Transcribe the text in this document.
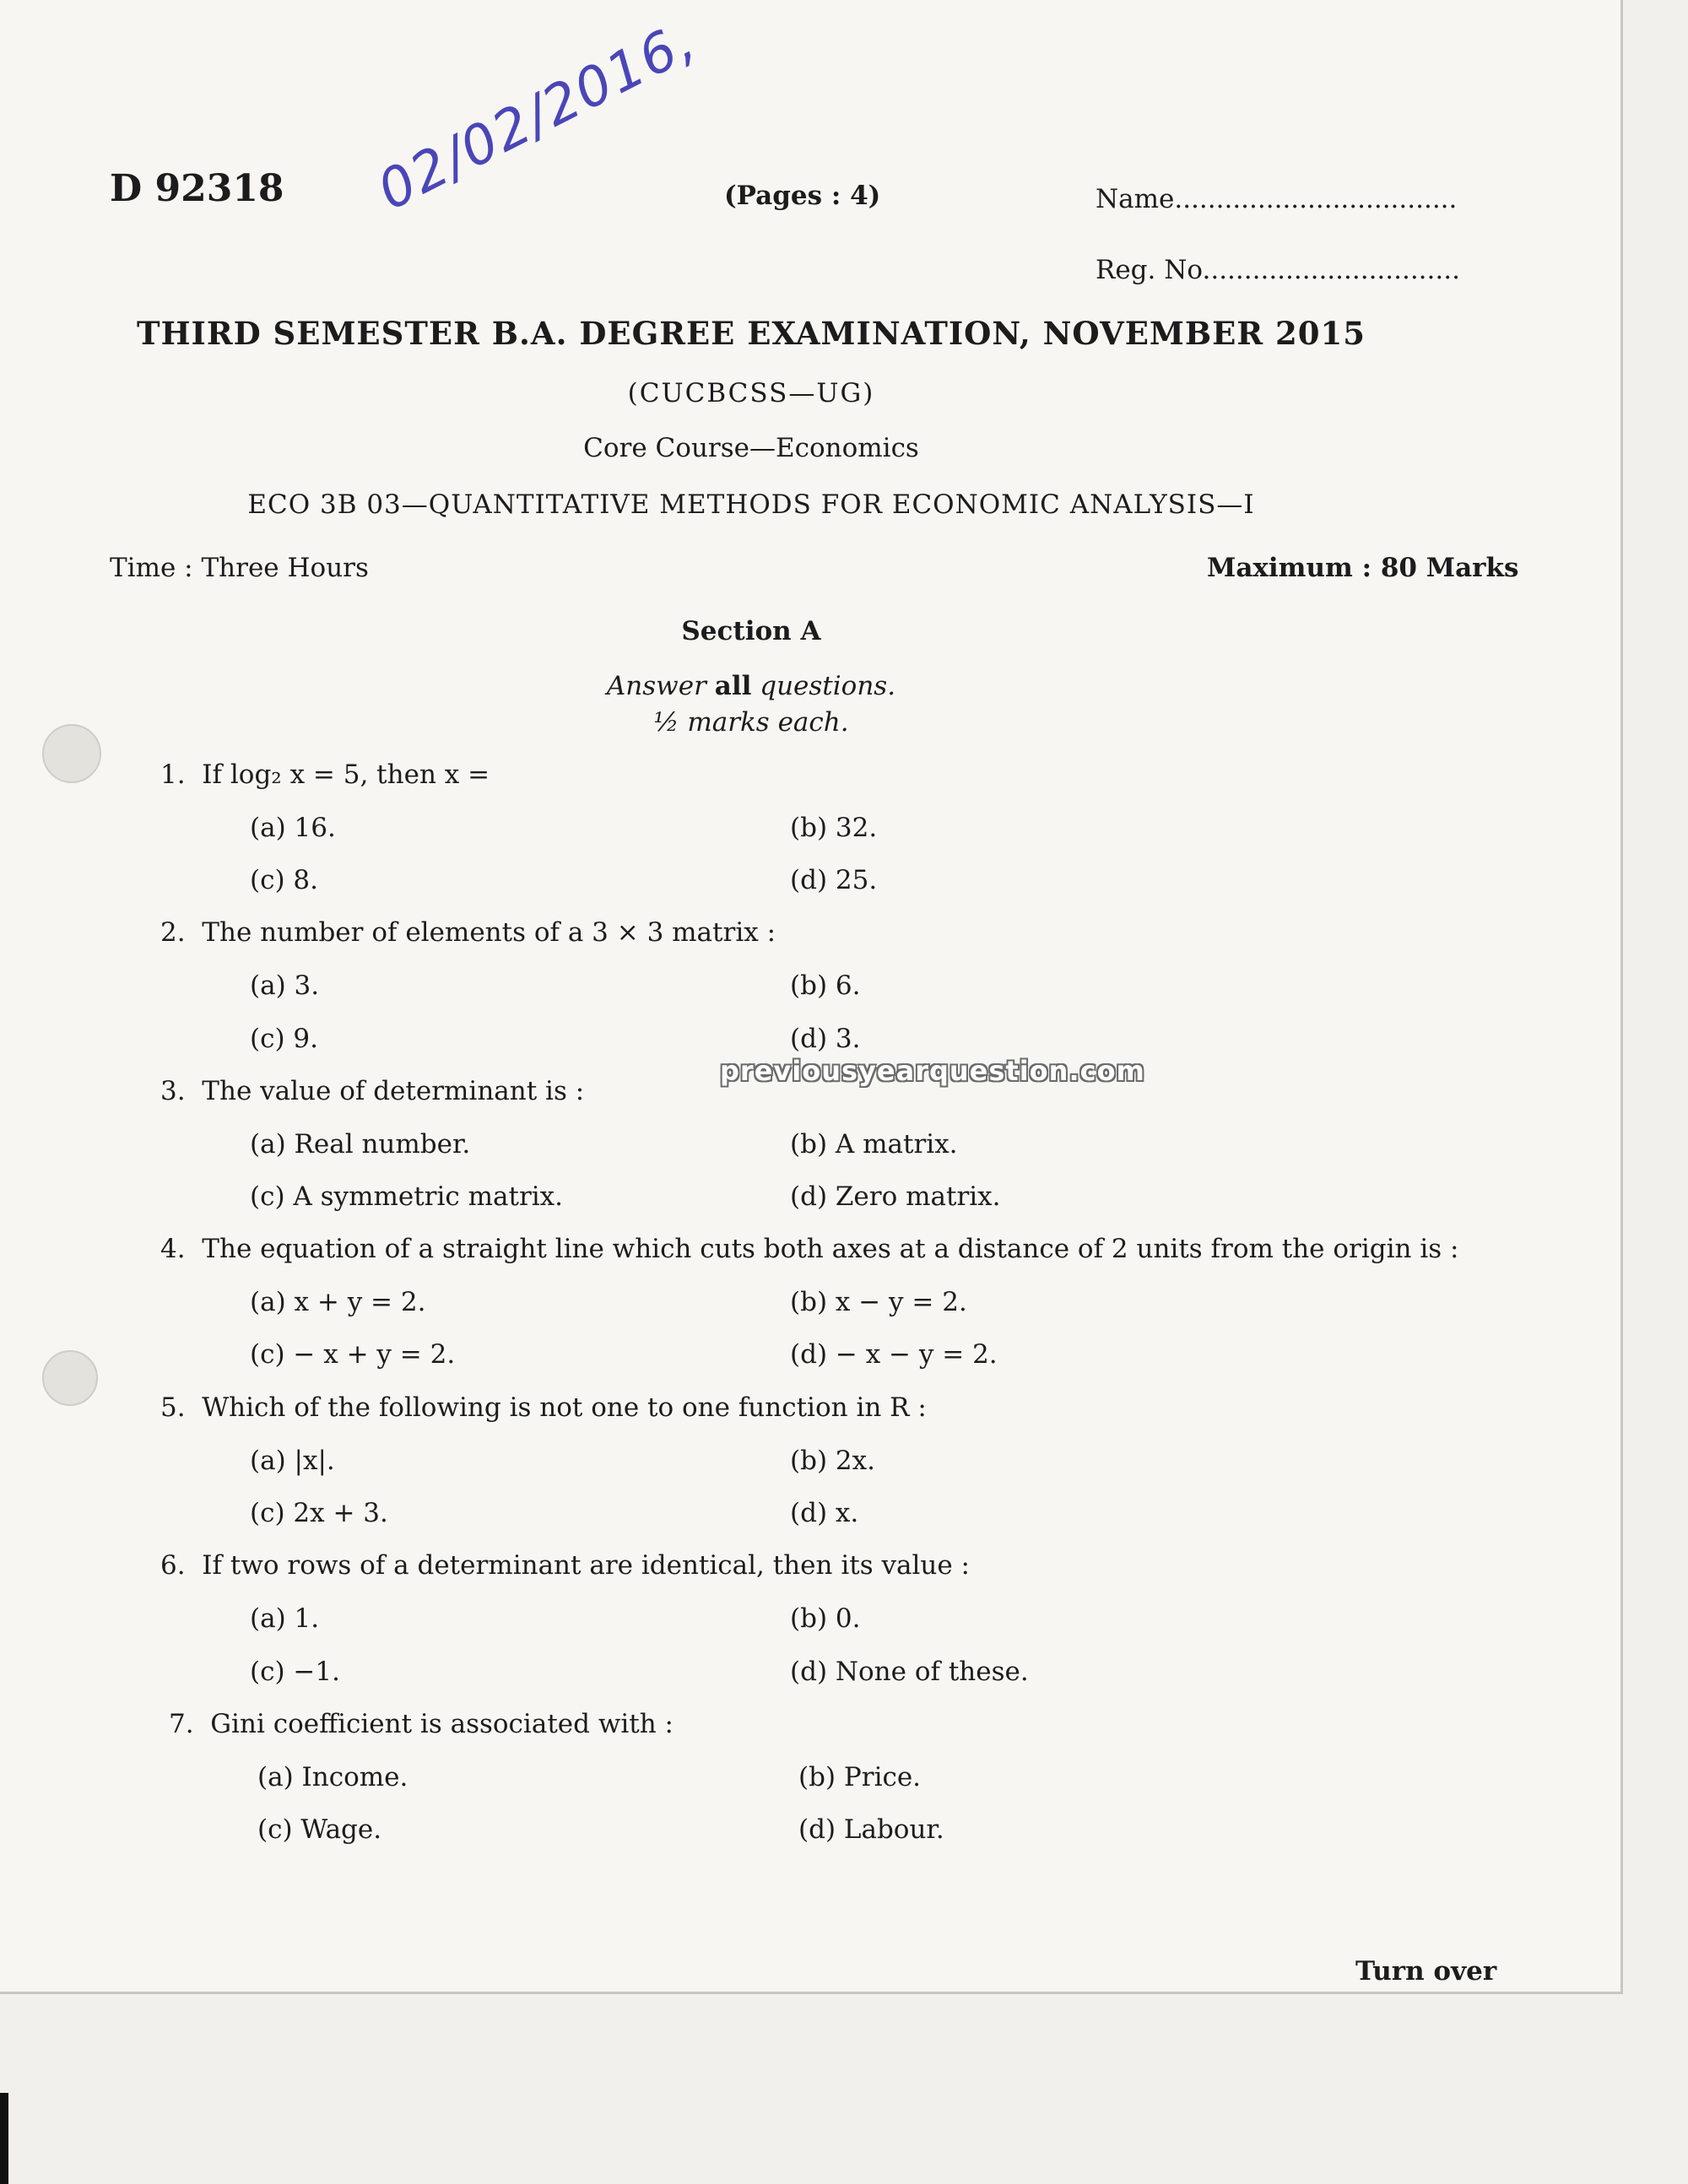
D 92318 02/02/2016, (Pages : 4)	Name..................................
Reg. No...............................
THIRD SEMESTER B.A. DEGREE EXAMINATION, NOVEMBER 2015
(CUCBCSS—UG)
Core Course—Economics
ECO 3B 03—QUANTITATIVE METHODS FOR ECONOMIC ANALYSIS—I
Time : Three Hours	Maximum : 80 Marks
Section A
Answer all questions.
½ marks each.
1. If log₂ x = 5, then x =
(a) 16.	(b) 32.
(c) 8.	(d) 25.
2. The number of elements of a 3 × 3 matrix :
(a) 3.	(b) 6.
(c) 9.	(d) 3.
3. The value of determinant is :
(a) Real number.	(b) A matrix.
(c) A symmetric matrix.	(d) Zero matrix.
4. The equation of a straight line which cuts both axes at a distance of 2 units from the origin is :
(a) x + y = 2.	(b) x − y = 2.
(c) − x + y = 2.	(d) − x − y = 2.
5. Which of the following is not one to one function in R :
(a) |x|.	(b) 2x.
(c) 2x + 3.	(d) x.
6. If two rows of a determinant are identical, then its value :
(a) 1.	(b) 0.
(c) −1.	(d) None of these.
7. Gini coefficient is associated with :
(a) Income.	(b) Price.
(c) Wage.	(d) Labour.
Turn over
previousyearquestion.com
